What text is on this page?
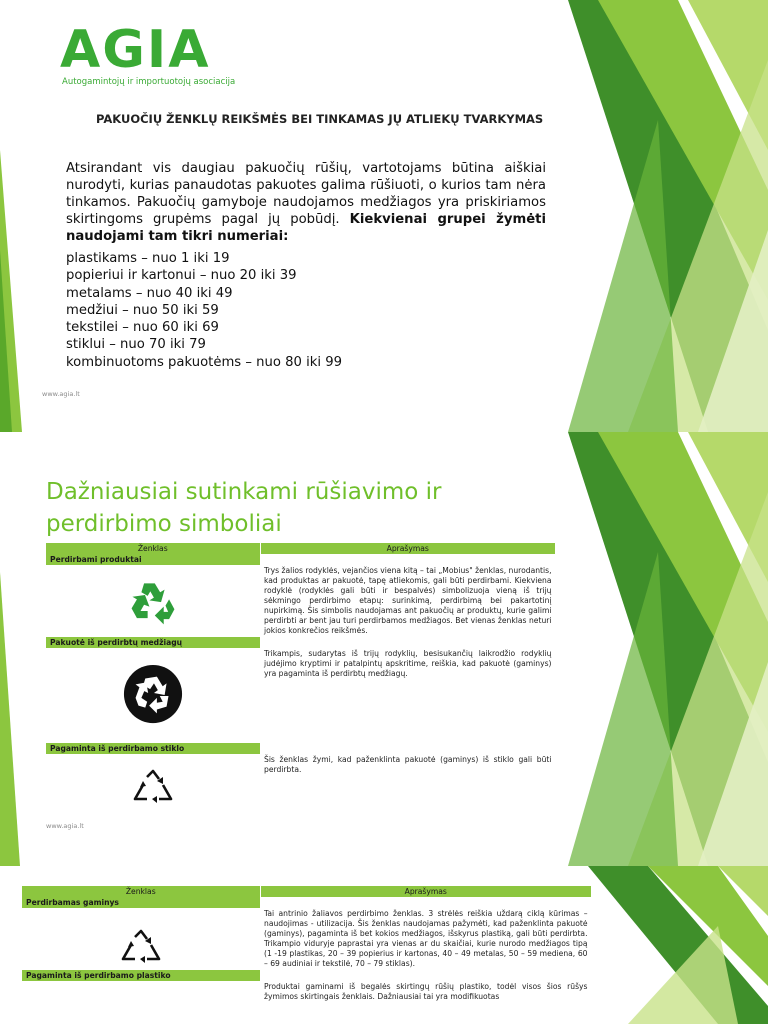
AGIA
Autogamintojų ir importuotojų asociacija
PAKUOČIŲ ŽENKLŲ REIKŠMĖS BEI TINKAMAS JŲ ATLIEKŲ TVARKYMAS
Atsirandant vis daugiau pakuočių rūšių, vartotojams būtina aiškiai nurodyti, kurias panaudotas pakuotes galima rūšiuoti, o kurios tam nėra tinkamos. Pakuočių gamyboje naudojamos medžiagos yra priskiriamos skirtingoms grupėms pagal jų pobūdį. Kiekvienai grupei žymėti naudojami tam tikri numeriai:
plastikams – nuo 1 iki 19
popieriui ir kartonui – nuo 20 iki 39
metalams – nuo 40 iki 49
medžiui – nuo 50 iki 59
tekstilei – nuo 60 iki 69
stiklui – nuo 70 iki 79
kombinuotoms pakuotėms – nuo 80 iki 99
www.agia.lt
Dažniausiai sutinkami rūšiavimo ir perdirbimo simboliai
Ženklas	Aprašymas
Perdirbami produktai	
	Trys žalios rodyklės, vejančios viena kitą – tai „Mobius" ženklas, nurodantis, kad produktas ar pakuotė, tapę atliekomis, gali būti perdirbami. Kiekviena rodyklė (rodyklės gali būti ir bespalvės) simbolizuoja vieną iš trijų sėkmingo perdirbimo etapų: surinkimą, perdirbimą bei pakartotinį nupirkimą. Šis simbolis naudojamas ant pakuočių ar produktų, kurie galimi perdirbti ar bent jau turi perdirbamos medžiagos. Bet vienas ženklas neturi jokios konkrečios reikšmės.
Pakuotė iš perdirbtų medžiagų	
	Trikampis, sudarytas iš trijų rodyklių, besisukančių laikrodžio rodyklių judėjimo kryptimi ir patalpintų apskritime, reiškia, kad pakuotė (gaminys) yra pagaminta iš perdirbtų medžiagų.
Pagaminta iš perdirbamo stiklo	
	Šis ženklas žymi, kad paženklinta pakuotė (gaminys) iš stiklo gali būti perdirbta.
www.agia.lt
Ženklas	Aprašymas
Perdirbamas gaminys	
	Tai antrinio žaliavos perdirbimo ženklas. 3 strėlės reiškia uždarą ciklą kūrimas – naudojimas - utilizacija. Šis ženklas naudojamas pažymėti, kad paženklinta pakuotė (gaminys), pagaminta iš bet kokios medžiagos, išskyrus plastiką, gali būti perdirbta. Trikampio viduryje paprastai yra vienas ar du skaičiai, kurie nurodo medžiagos tipą (1 -19 plastikas, 20 – 39 popierius ir kartonas, 40 – 49 metalas, 50 – 59 mediena, 60 – 69 audiniai ir tekstilė, 70 – 79 stiklas).
Pagaminta iš perdirbamo plastiko	
	Produktai gaminami iš begalės skirtingų rūšių plastiko, todėl visos šios rūšys žymimos skirtingais ženklais. Dažniausiai tai yra modifikuotas
